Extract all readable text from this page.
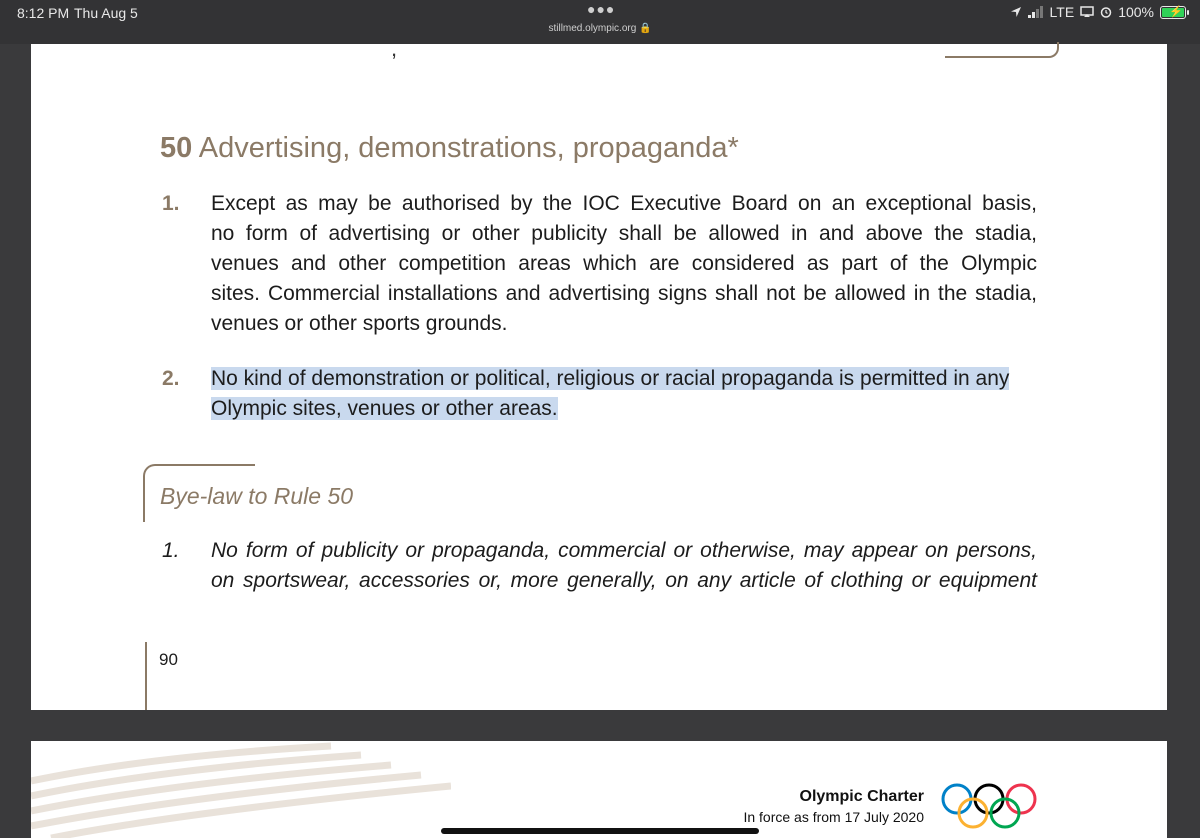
8:12 PM Thu Aug 5	●●●
stillmed.olympic.org 🔒
LTE	100% ⚡
,
50 Advertising, demonstrations, propaganda*
1. Except as may be authorised by the IOC Executive Board on an exceptional basis,
no form of advertising or other publicity shall be allowed in and above the stadia,
venues and other competition areas which are considered as part of the Olympic
sites. Commercial installations and advertising signs shall not be allowed in the stadia,
venues or other sports grounds.
2. No kind of demonstration or political, religious or racial propaganda is permitted in any
Olympic sites, venues or other areas.
Bye-law to Rule 50
1. No form of publicity or propaganda, commercial or otherwise, may appear on persons,
on sportswear, accessories or, more generally, on any article of clothing or equipment
90
Olympic Charter
In force as from 17 July 2020
